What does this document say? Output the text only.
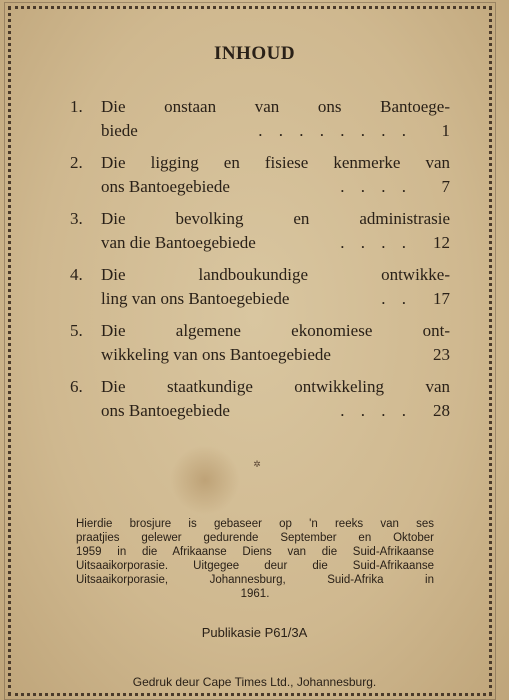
INHOUD
1.	Die onstaan van ons Bantoege-
biede	. . . . . . . .	1
2.	Die ligging en fisiese kenmerke van
ons Bantoegebiede	. . . .	7
3.	Die bevolking en administrasie
van die Bantoegebiede	. . . .	12
4.	Die landboukundige ontwikke-
ling van ons Bantoegebiede	. .	17
5.	Die algemene ekonomiese ont-
wikkeling van ons Bantoegebiede	23
6.	Die staatkundige ontwikkeling van
ons Bantoegebiede	. . . .	28
✲
Hierdie brosjure is gebaseer op 'n reeks van ses
praatjies gelewer gedurende September en Oktober
1959 in die Afrikaanse Diens van die Suid-Afrikaanse
Uitsaaikorporasie. Uitgegee deur die Suid-Afrikaanse
Uitsaaikorporasie, Johannesburg, Suid-Afrika in
1961.
Publikasie P61/3A
Gedruk deur Cape Times Ltd., Johannesburg.
